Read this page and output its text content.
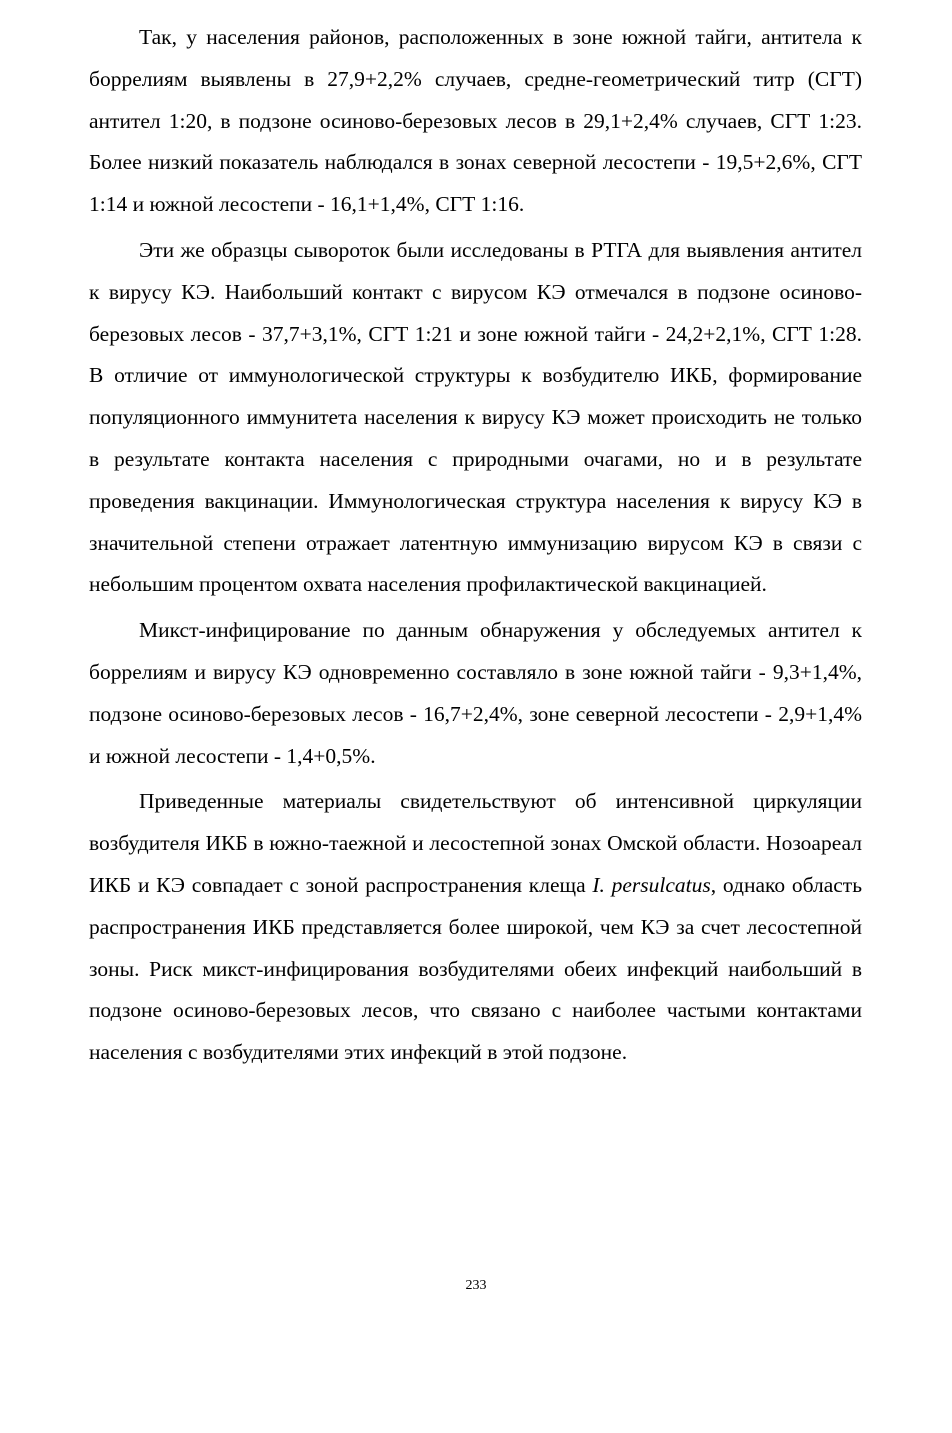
Так, у населения районов, расположенных в зоне южной тайги, антитела к боррелиям выявлены в 27,9+2,2% случаев, средне-геометрический титр (СГТ) антител 1:20, в подзоне осиново-березовых лесов в 29,1+2,4% случаев, СГТ 1:23. Более низкий показатель наблюдался в зонах северной лесостепи - 19,5+2,6%, СГТ 1:14 и южной лесостепи - 16,1+1,4%, СГТ 1:16.

Эти же образцы сывороток были исследованы в РТГА для выявления антител к вирусу КЭ. Наибольший контакт с вирусом КЭ отмечался в подзоне осиново-березовых лесов - 37,7+3,1%, СГТ 1:21 и зоне южной тайги - 24,2+2,1%, СГТ 1:28. В отличие от иммунологической структуры к возбудителю ИКБ, формирование популяционного иммунитета населения к вирусу КЭ может происходить не только в результате контакта населения с природными очагами, но и в результате проведения вакцинации. Иммунологическая структура населения к вирусу КЭ в значительной степени отражает латентную иммунизацию вирусом КЭ в связи с небольшим процентом охвата населения профилактической вакцинацией.

Микст-инфицирование по данным обнаружения у обследуемых антител к боррелиям и вирусу КЭ одновременно составляло в зоне южной тайги - 9,3+1,4%, подзоне осиново-березовых лесов - 16,7+2,4%, зоне северной лесостепи - 2,9+1,4% и южной лесостепи - 1,4+0,5%.

Приведенные материалы свидетельствуют об интенсивной циркуляции возбудителя ИКБ в южно-таежной и лесостепной зонах Омской области. Нозоареал ИКБ и КЭ совпадает с зоной распространения клеща I. persulcatus, однако область распространения ИКБ представляется более широкой, чем КЭ за счет лесостепной зоны. Риск микст-инфицирования возбудителями обеих инфекций наибольший в подзоне осиново-березовых лесов, что связано с наиболее частыми контактами населения с возбудителями этих инфекций в этой подзоне.

233
